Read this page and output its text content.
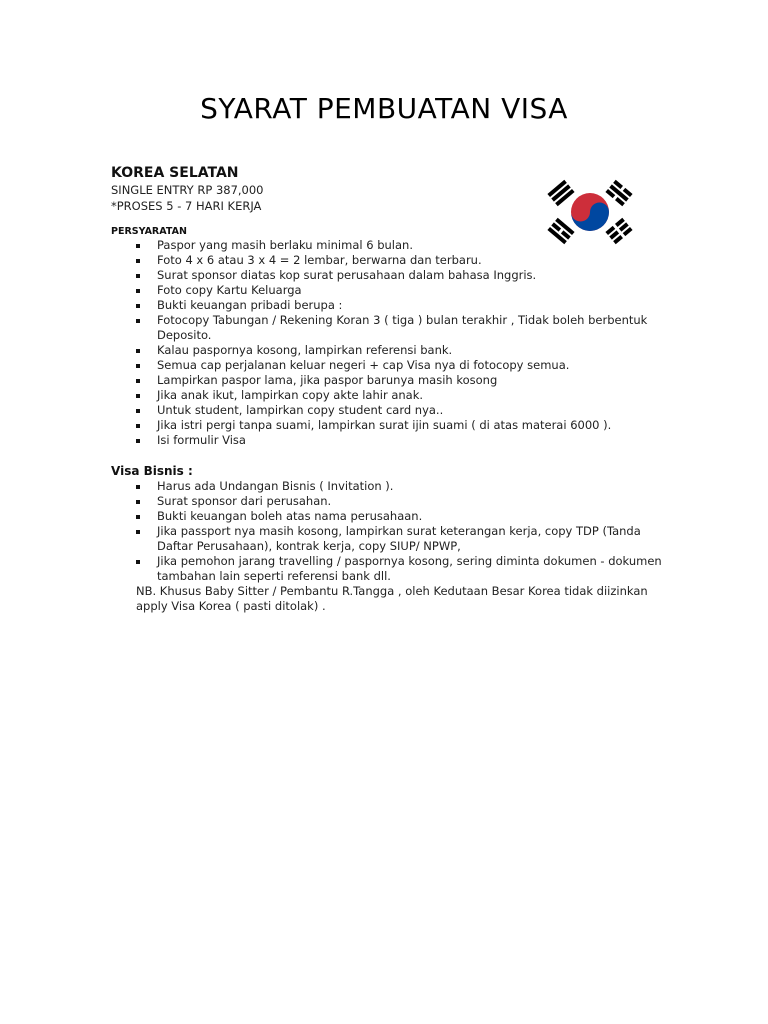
SYARAT PEMBUATAN VISA
KOREA SELATAN
SINGLE ENTRY RP 387,000
*PROSES 5 - 7 HARI KERJA
PERSYARATAN
Paspor yang masih berlaku minimal 6 bulan.
Foto 4 x 6 atau 3 x 4 = 2 lembar, berwarna dan terbaru.
Surat sponsor diatas kop surat perusahaan dalam bahasa Inggris.
Foto copy Kartu Keluarga
Bukti keuangan pribadi berupa :
Fotocopy Tabungan / Rekening Koran 3 ( tiga ) bulan terakhir , Tidak boleh berbentuk Deposito.
Kalau paspornya kosong, lampirkan referensi bank.
Semua cap perjalanan keluar negeri + cap Visa nya di fotocopy semua.
Lampirkan paspor lama, jika paspor barunya masih kosong
Jika anak ikut, lampirkan copy akte lahir anak.
Untuk student, lampirkan copy student card nya..
Jika istri pergi tanpa suami, lampirkan surat ijin suami ( di atas materai 6000 ).
Isi formulir Visa
Visa Bisnis :
Harus ada Undangan Bisnis ( Invitation ).
Surat sponsor dari perusahan.
Bukti keuangan boleh atas nama perusahaan.
Jika passport nya masih kosong, lampirkan surat keterangan kerja, copy TDP (Tanda Daftar Perusahaan), kontrak kerja, copy SIUP/ NPWP,
Jika pemohon jarang travelling / paspornya kosong, sering diminta dokumen - dokumen tambahan lain seperti referensi bank dll.

NB. Khusus Baby Sitter / Pembantu R.Tangga , oleh Kedutaan Besar Korea tidak diizinkan apply Visa Korea ( pasti ditolak) .
